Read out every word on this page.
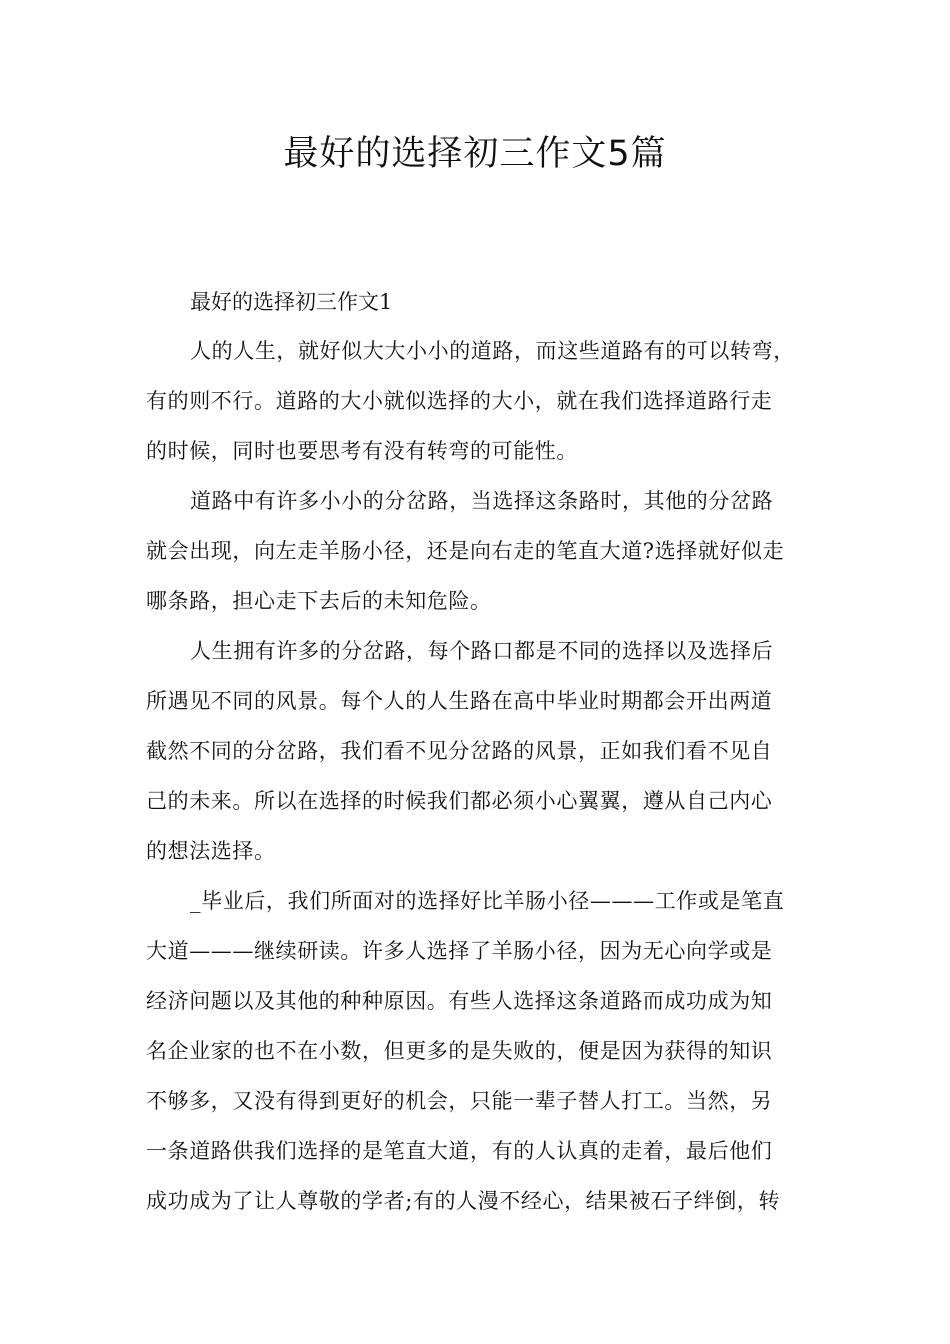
最好的选择初三作文5篇

最好的选择初三作文1

人的人生，就好似大大小小的道路，而这些道路有的可以转弯，

有的则不行。道路的大小就似选择的大小，就在我们选择道路行走

的时候，同时也要思考有没有转弯的可能性。

道路中有许多小小的分岔路，当选择这条路时，其他的分岔路

就会出现，向左走羊肠小径，还是向右走的笔直大道?选择就好似走

哪条路，担心走下去后的未知危险。

人生拥有许多的分岔路，每个路口都是不同的选择以及选择后

所遇见不同的风景。每个人的人生路在高中毕业时期都会开出两道

截然不同的分岔路，我们看不见分岔路的风景，正如我们看不见自

己的未来。所以在选择的时候我们都必须小心翼翼，遵从自己内心

的想法选择。

_毕业后，我们所面对的选择好比羊肠小径———工作或是笔直

大道———继续研读。许多人选择了羊肠小径，因为无心向学或是

经济问题以及其他的种种原因。有些人选择这条道路而成功成为知

名企业家的也不在小数，但更多的是失败的，便是因为获得的知识

不够多，又没有得到更好的机会，只能一辈子替人打工。当然，另

一条道路供我们选择的是笔直大道，有的人认真的走着，最后他们

成功成为了让人尊敬的学者;有的人漫不经心，结果被石子绊倒，转
